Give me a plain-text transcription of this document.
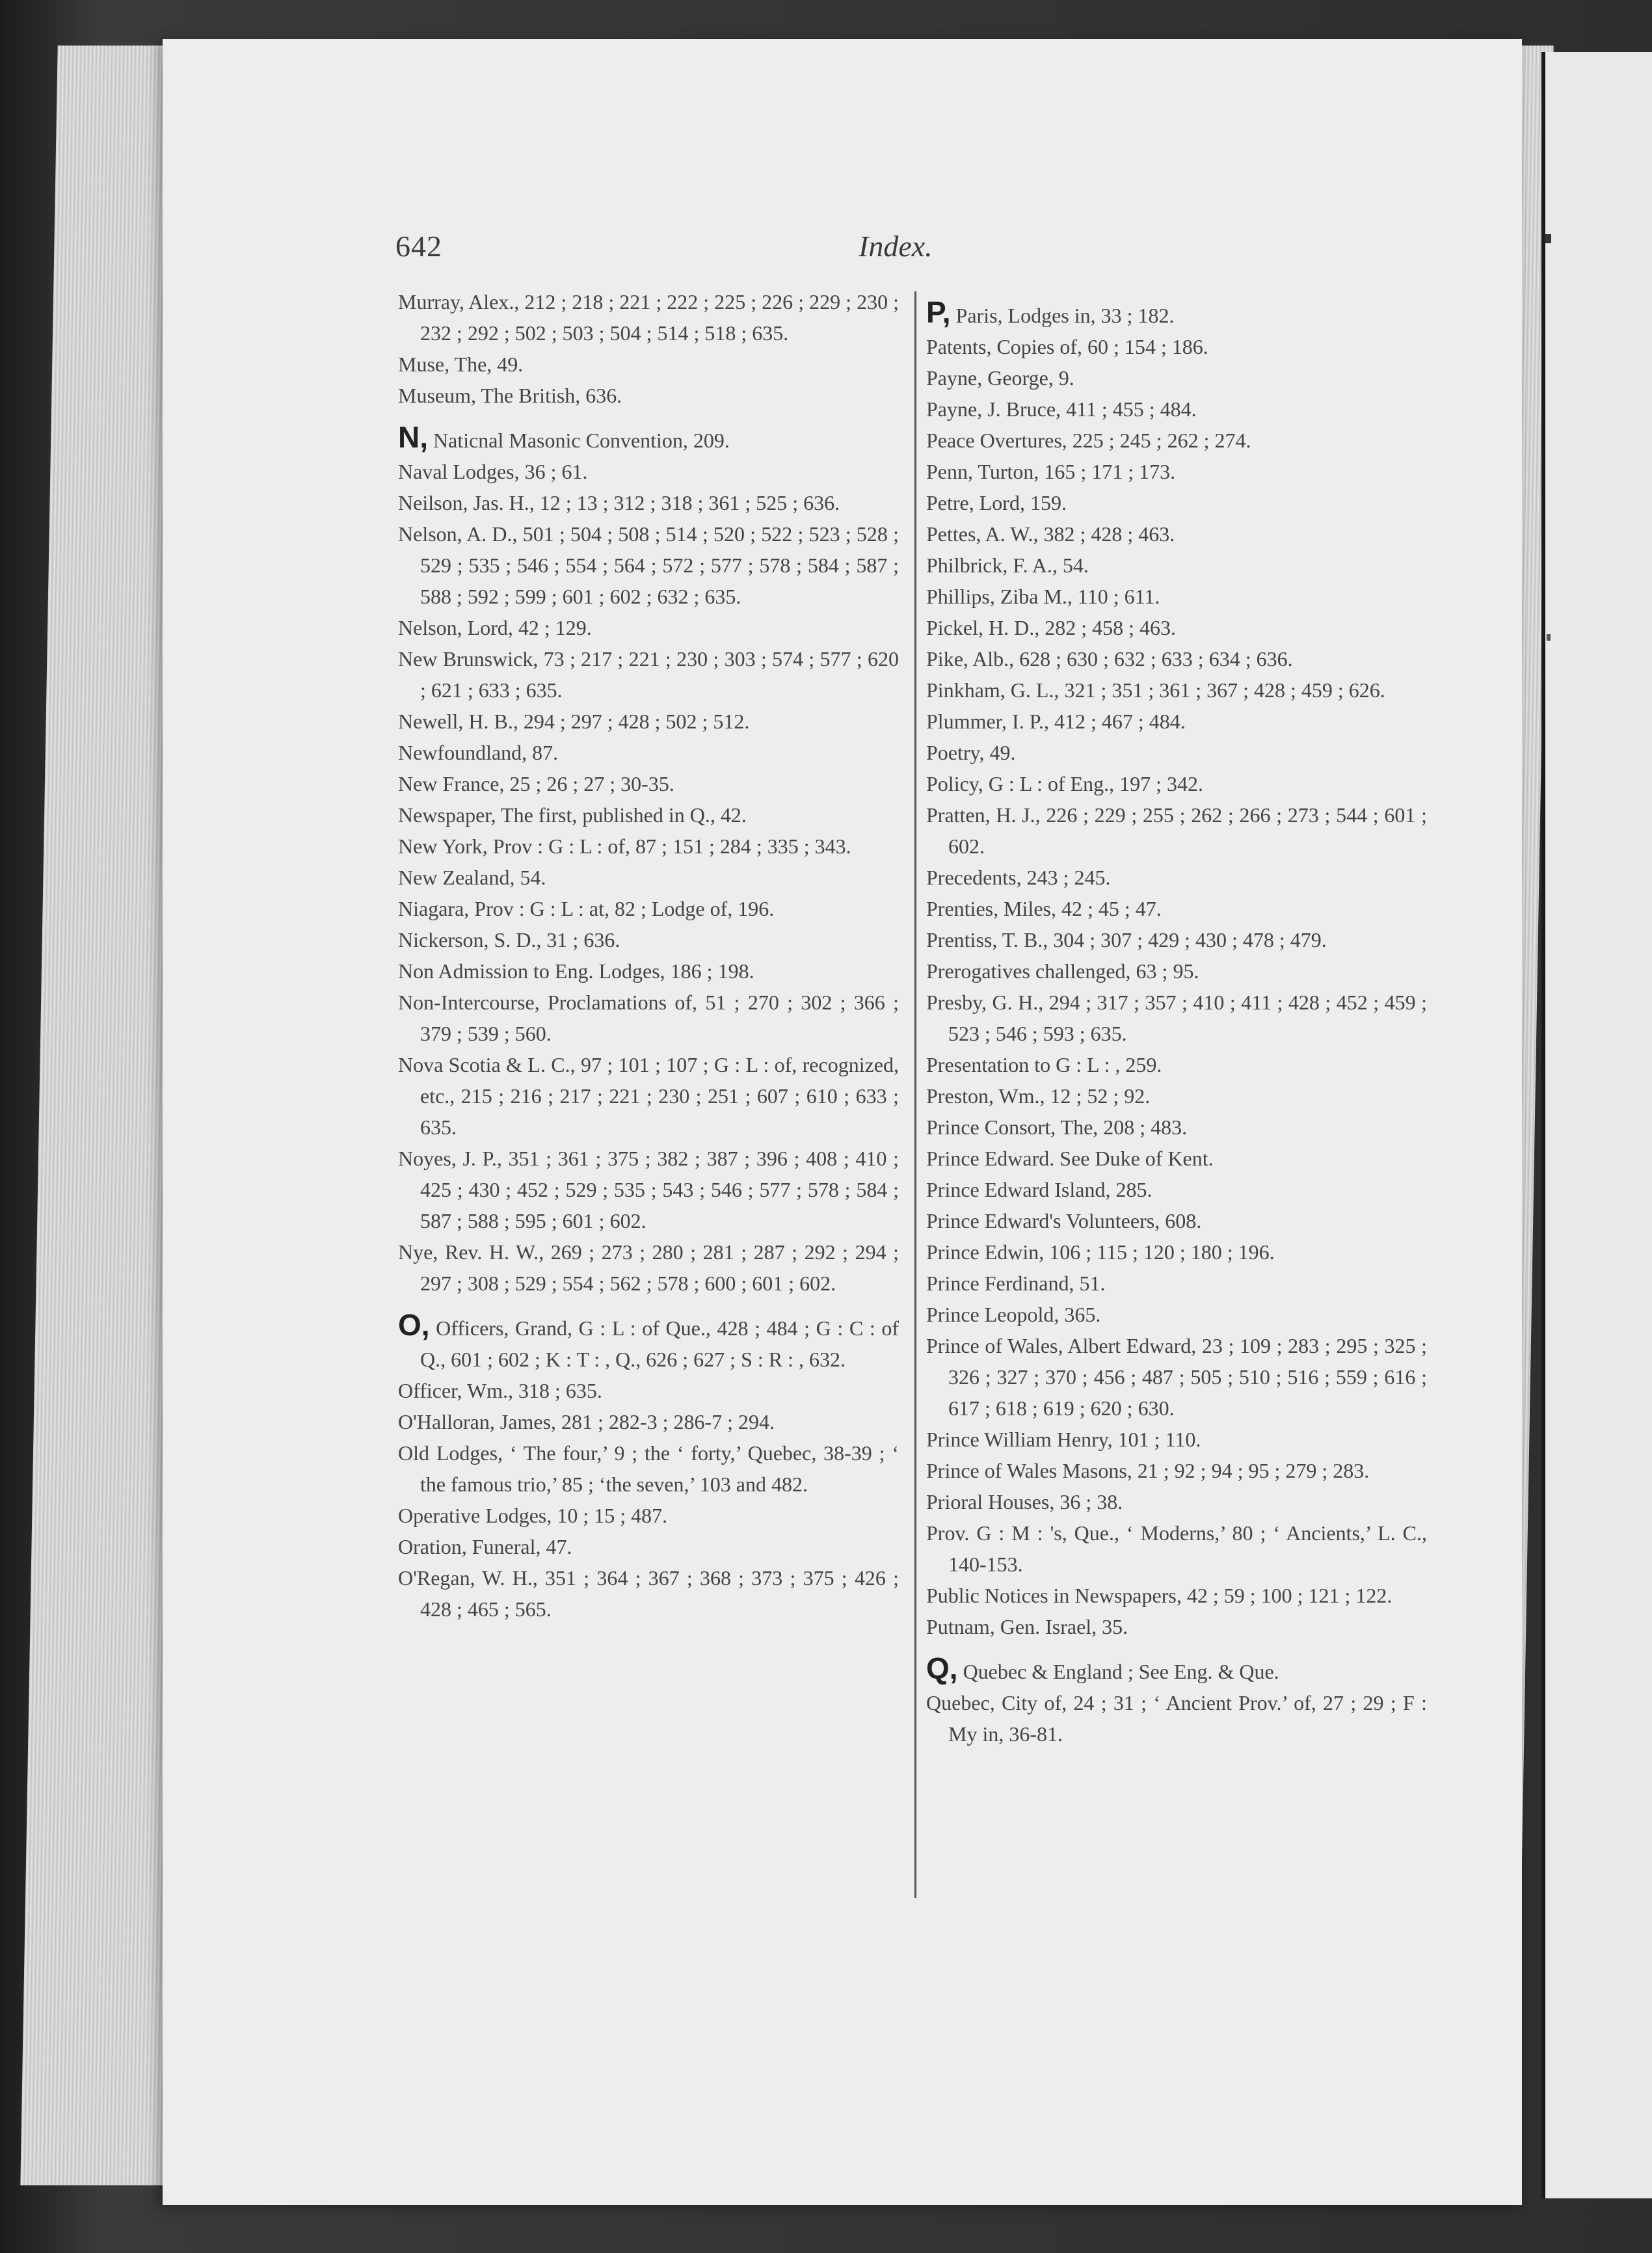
642	Index.
Murray, Alex., 212 ; 218 ; 221 ; 222 ; 225 ; 226 ; 229 ; 230 ; 232 ; 292 ; 502 ; 503 ; 504 ; 514 ; 518 ; 635.
Muse, The, 49.
Museum, The British, 636.
N, Naticnal Masonic Convention, 209.
Naval Lodges, 36 ; 61.
Neilson, Jas. H., 12 ; 13 ; 312 ; 318 ; 361 ; 525 ; 636.
Nelson, A. D., 501 ; 504 ; 508 ; 514 ; 520 ; 522 ; 523 ; 528 ; 529 ; 535 ; 546 ; 554 ; 564 ; 572 ; 577 ; 578 ; 584 ; 587 ; 588 ; 592 ; 599 ; 601 ; 602 ; 632 ; 635.
Nelson, Lord, 42 ; 129.
New Brunswick, 73 ; 217 ; 221 ; 230 ; 303 ; 574 ; 577 ; 620 ; 621 ; 633 ; 635.
Newell, H. B., 294 ; 297 ; 428 ; 502 ; 512.
Newfoundland, 87.
New France, 25 ; 26 ; 27 ; 30-35.
Newspaper, The first, published in Q., 42.
New York, Prov : G : L : of, 87 ; 151 ; 284 ; 335 ; 343.
New Zealand, 54.
Niagara, Prov : G : L : at, 82 ; Lodge of, 196.
Nickerson, S. D., 31 ; 636.
Non Admission to Eng. Lodges, 186 ; 198.
Non-Intercourse, Proclamations of, 51 ; 270 ; 302 ; 366 ; 379 ; 539 ; 560.
Nova Scotia & L. C., 97 ; 101 ; 107 ; G : L : of, recognized, etc., 215 ; 216 ; 217 ; 221 ; 230 ; 251 ; 607 ; 610 ; 633 ; 635.
Noyes, J. P., 351 ; 361 ; 375 ; 382 ; 387 ; 396 ; 408 ; 410 ; 425 ; 430 ; 452 ; 529 ; 535 ; 543 ; 546 ; 577 ; 578 ; 584 ; 587 ; 588 ; 595 ; 601 ; 602.
Nye, Rev. H. W., 269 ; 273 ; 280 ; 281 ; 287 ; 292 ; 294 ; 297 ; 308 ; 529 ; 554 ; 562 ; 578 ; 600 ; 601 ; 602.
O, Officers, Grand, G : L : of Que., 428 ; 484 ; G : C : of Q., 601 ; 602 ; K : T : , Q., 626 ; 627 ; S : R : , 632.
Officer, Wm., 318 ; 635.
O'Halloran, James, 281 ; 282-3 ; 286-7 ; 294.
Old Lodges, ‘ The four,’ 9 ; the ‘ forty,’ Quebec, 38-39 ; ‘ the famous trio,’ 85 ; ‘the seven,’ 103 and 482.
Operative Lodges, 10 ; 15 ; 487.
Oration, Funeral, 47.
O'Regan, W. H., 351 ; 364 ; 367 ; 368 ; 373 ; 375 ; 426 ; 428 ; 465 ; 565.
P, Paris, Lodges in, 33 ; 182.
Patents, Copies of, 60 ; 154 ; 186.
Payne, George, 9.
Payne, J. Bruce, 411 ; 455 ; 484.
Peace Overtures, 225 ; 245 ; 262 ; 274.
Penn, Turton, 165 ; 171 ; 173.
Petre, Lord, 159.
Pettes, A. W., 382 ; 428 ; 463.
Philbrick, F. A., 54.
Phillips, Ziba M., 110 ; 611.
Pickel, H. D., 282 ; 458 ; 463.
Pike, Alb., 628 ; 630 ; 632 ; 633 ; 634 ; 636.
Pinkham, G. L., 321 ; 351 ; 361 ; 367 ; 428 ; 459 ; 626.
Plummer, I. P., 412 ; 467 ; 484.
Poetry, 49.
Policy, G : L : of Eng., 197 ; 342.
Pratten, H. J., 226 ; 229 ; 255 ; 262 ; 266 ; 273 ; 544 ; 601 ; 602.
Precedents, 243 ; 245.
Prenties, Miles, 42 ; 45 ; 47.
Prentiss, T. B., 304 ; 307 ; 429 ; 430 ; 478 ; 479.
Prerogatives challenged, 63 ; 95.
Presby, G. H., 294 ; 317 ; 357 ; 410 ; 411 ; 428 ; 452 ; 459 ; 523 ; 546 ; 593 ; 635.
Presentation to G : L : , 259.
Preston, Wm., 12 ; 52 ; 92.
Prince Consort, The, 208 ; 483.
Prince Edward. See Duke of Kent.
Prince Edward Island, 285.
Prince Edward's Volunteers, 608.
Prince Edwin, 106 ; 115 ; 120 ; 180 ; 196.
Prince Ferdinand, 51.
Prince Leopold, 365.
Prince of Wales, Albert Edward, 23 ; 109 ; 283 ; 295 ; 325 ; 326 ; 327 ; 370 ; 456 ; 487 ; 505 ; 510 ; 516 ; 559 ; 616 ; 617 ; 618 ; 619 ; 620 ; 630.
Prince William Henry, 101 ; 110.
Prince of Wales Masons, 21 ; 92 ; 94 ; 95 ; 279 ; 283.
Prioral Houses, 36 ; 38.
Prov. G : M : 's, Que., ‘ Moderns,’ 80 ; ‘ Ancients,’ L. C., 140-153.
Public Notices in Newspapers, 42 ; 59 ; 100 ; 121 ; 122.
Putnam, Gen. Israel, 35.
Q, Quebec & England ; See Eng. & Que.
Quebec, City of, 24 ; 31 ; ‘ Ancient Prov.’ of, 27 ; 29 ; F : My in, 36-81.
